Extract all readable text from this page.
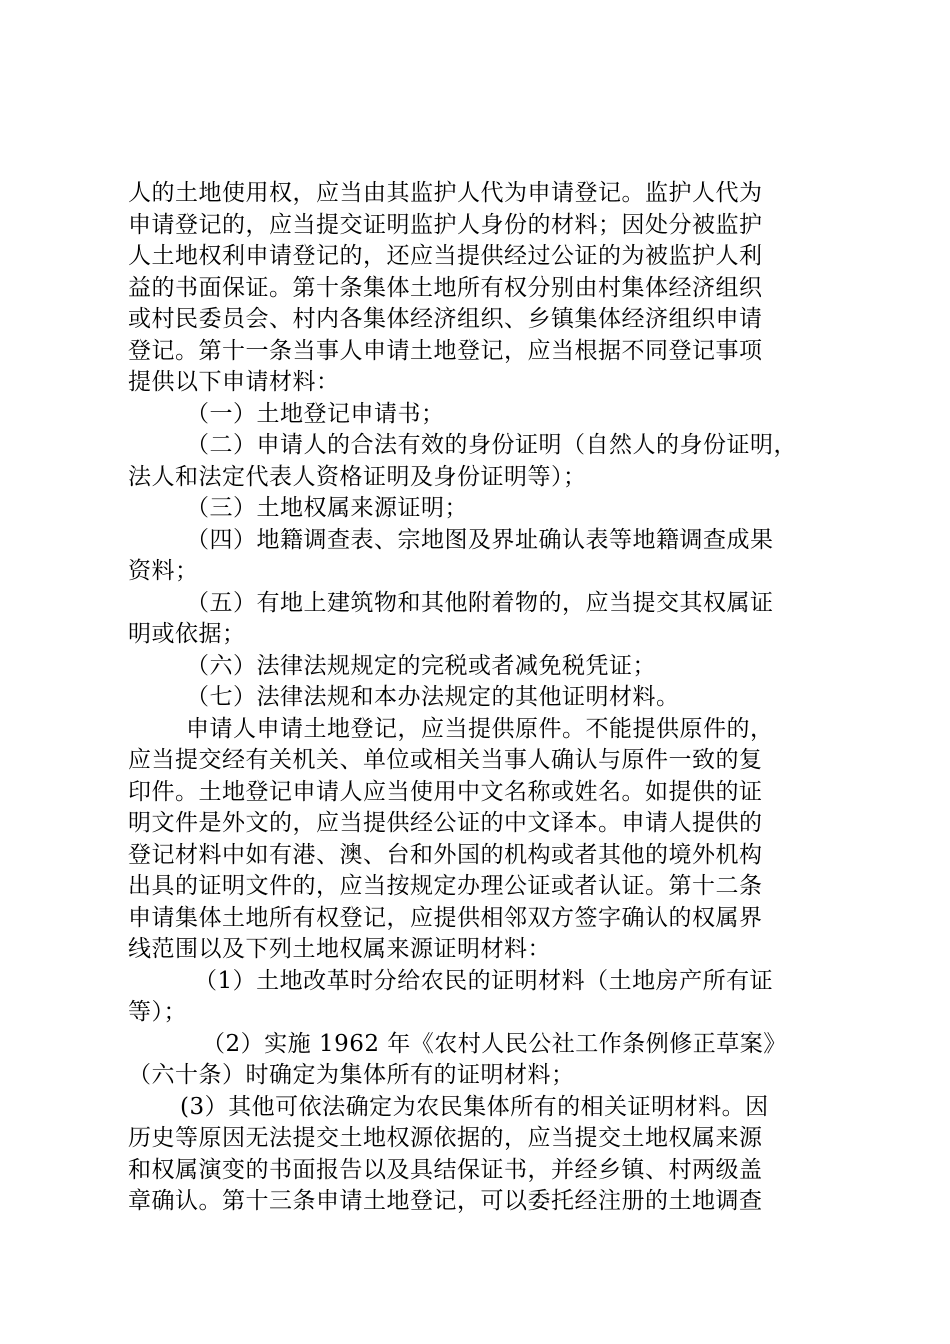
人的土地使用权，应当由其监护人代为申请登记。监护人代为
申请登记的，应当提交证明监护人身份的材料；因处分被监护
人土地权利申请登记的，还应当提供经过公证的为被监护人利
益的书面保证。第十条集体土地所有权分别由村集体经济组织
或村民委员会、村内各集体经济组织、乡镇集体经济组织申请
登记。第十一条当事人申请土地登记，应当根据不同登记事项
提供以下申请材料：
（一）土地登记申请书；
（二）申请人的合法有效的身份证明（自然人的身份证明，
法人和法定代表人资格证明及身份证明等）；
（三）土地权属来源证明；
（四）地籍调查表、宗地图及界址确认表等地籍调查成果
资料；
（五）有地上建筑物和其他附着物的，应当提交其权属证
明或依据；
（六）法律法规规定的完税或者减免税凭证；
（七）法律法规和本办法规定的其他证明材料。
申请人申请土地登记，应当提供原件。不能提供原件的，
应当提交经有关机关、单位或相关当事人确认与原件一致的复
印件。土地登记申请人应当使用中文名称或姓名。如提供的证
明文件是外文的，应当提供经公证的中文译本。申请人提供的
登记材料中如有港、澳、台和外国的机构或者其他的境外机构
出具的证明文件的，应当按规定办理公证或者认证。第十二条
申请集体土地所有权登记，应提供相邻双方签字确认的权属界
线范围以及下列土地权属来源证明材料：
（1）土地改革时分给农民的证明材料（土地房产所有证
等）；
（2）实施 1962 年《农村人民公社工作条例修正草案》
（六十条）时确定为集体所有的证明材料；
(3）其他可依法确定为农民集体所有的相关证明材料。因
历史等原因无法提交土地权源依据的，应当提交土地权属来源
和权属演变的书面报告以及具结保证书，并经乡镇、村两级盖
章确认。第十三条申请土地登记，可以委托经注册的土地调查
